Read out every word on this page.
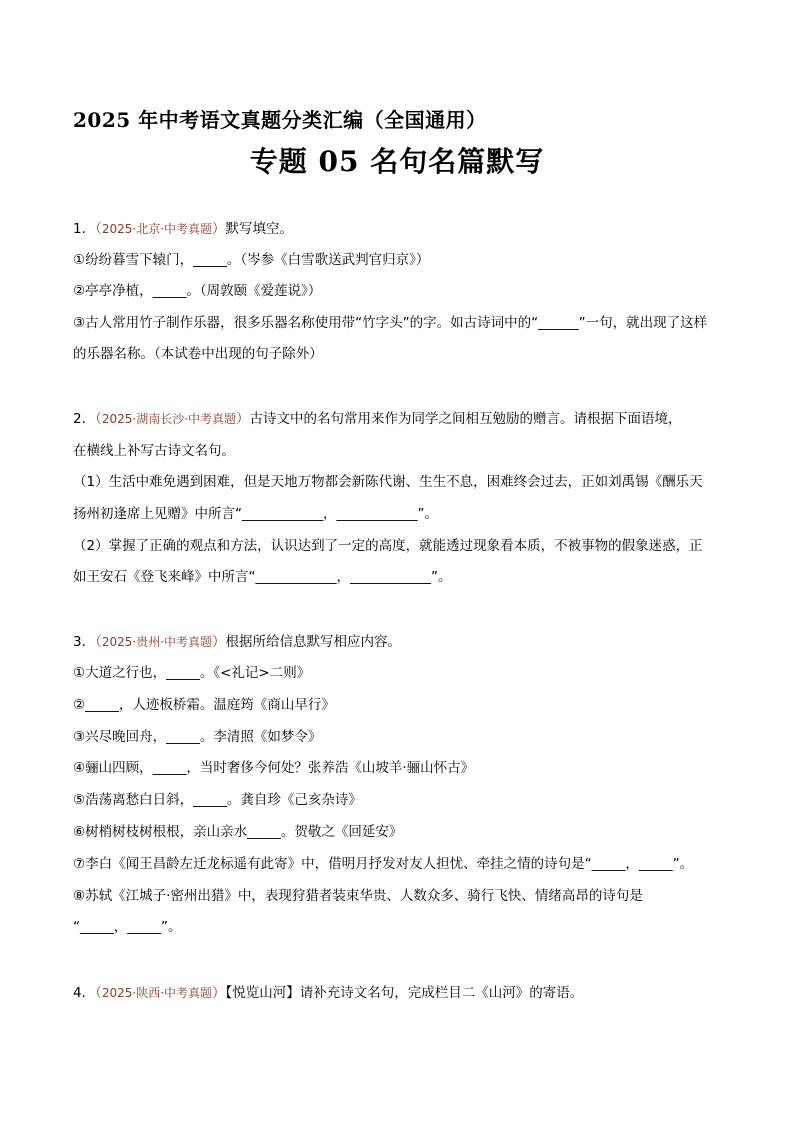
2025 年中考语文真题分类汇编（全国通用）
专题 05 名句名篇默写
1．（2025·北京·中考真题）默写填空。
①纷纷暮雪下辕门，_____。（岑参《白雪歌送武判官归京》）
②亭亭净植，_____。（周敦颐《爱莲说》）
③古人常用竹子制作乐器，很多乐器名称使用带“竹字头”的字。如古诗词中的“______”一句，就出现了这样
的乐器名称。（本试卷中出现的句子除外）
2．（2025·湖南长沙·中考真题）古诗文中的名句常用来作为同学之间相互勉励的赠言。请根据下面语境，
在横线上补写古诗文名句。
（1）生活中难免遇到困难，但是天地万物都会新陈代谢、生生不息，困难终会过去，正如刘禹锡《酬乐天
扬州初逢席上见赠》中所言“____________，____________”。
（2）掌握了正确的观点和方法，认识达到了一定的高度，就能透过现象看本质，不被事物的假象迷惑，正
如王安石《登飞来峰》中所言“____________，____________”。
3．（2025·贵州·中考真题）根据所给信息默写相应内容。
①大道之行也，_____。《<礼记>二则》
②_____，人迹板桥霜。温庭筠《商山早行》
③兴尽晚回舟，_____。李清照《如梦令》
④骊山四顾，_____，当时奢侈今何处？张养浩《山坡羊·骊山怀古》
⑤浩荡离愁白日斜，_____。龚自珍《己亥杂诗》
⑥树梢树枝树根根，亲山亲水_____。贺敬之《回延安》
⑦李白《闻王昌龄左迁龙标遥有此寄》中，借明月抒发对友人担忧、牵挂之情的诗句是“_____，_____”。
⑧苏轼《江城子·密州出猎》中，表现狩猎者装束华贵、人数众多、骑行飞快、情绪高昂的诗句是
“_____，_____”。
4．（2025·陕西·中考真题）【悦览山河】请补充诗文名句，完成栏目二《山河》的寄语。
